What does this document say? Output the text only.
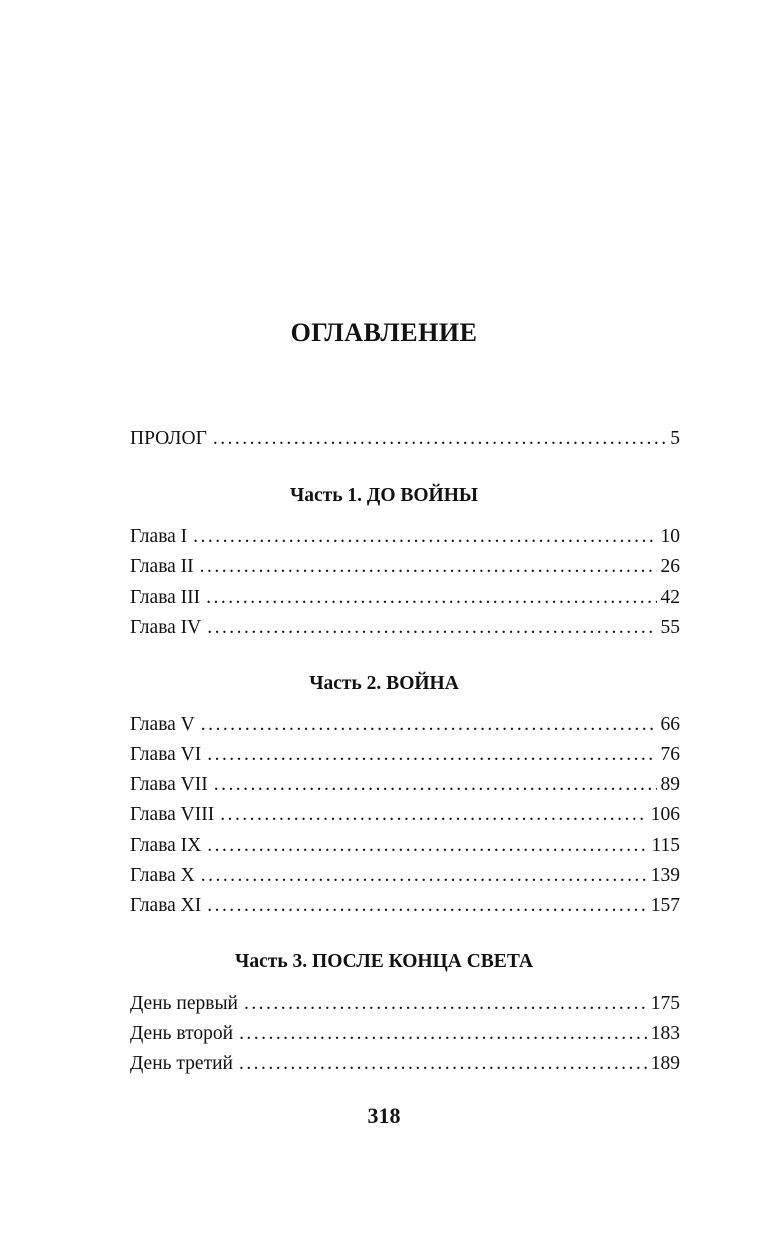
ОГЛАВЛЕНИЕ
ПРОЛОГ . . .	5
Часть 1. ДО ВОЙНЫ
Глава I . . .	10
Глава II . . .	26
Глава III . . .	42
Глава IV . . .	55
Часть 2. ВОЙНА
Глава V . . .	66
Глава VI . . .	76
Глава VII . . .	89
Глава VIII . . .	106
Глава IX . . .	115
Глава X . . .	139
Глава XI . . .	157
Часть 3. ПОСЛЕ КОНЦА СВЕТА
День первый . . .	175
День второй . . .	183
День третий . . .	189
318
